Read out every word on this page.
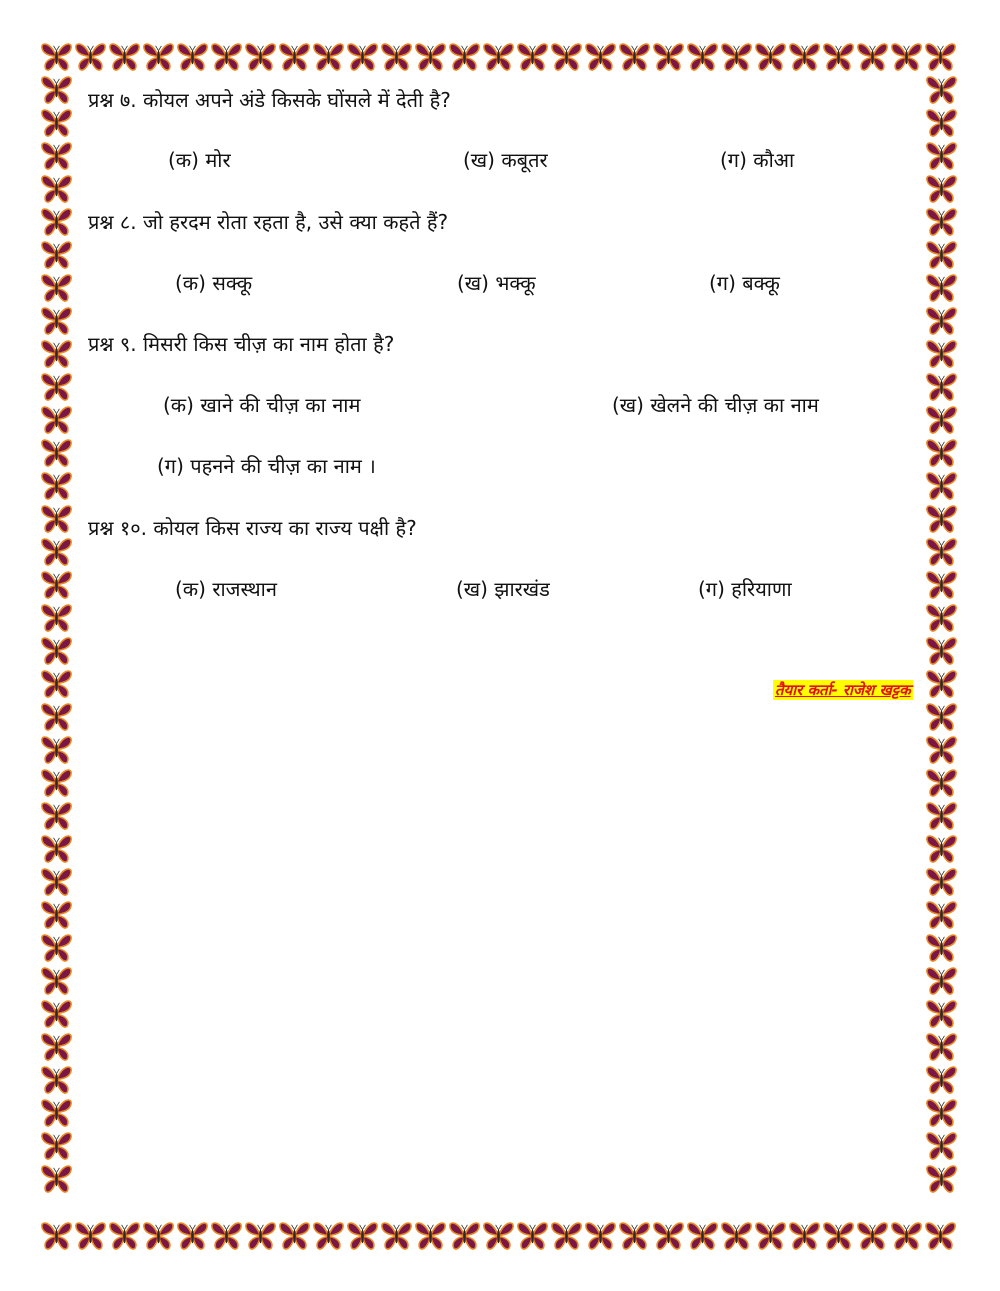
प्रश्न ७. कोयल अपने अंडे किसके घोंसले में देती है?
(क) मोर	(ख) कबूतर	(ग) कौआ
प्रश्न ८. जो हरदम रोता रहता है, उसे क्या कहते हैं?
(क) सक्कू	(ख) भक्कू	(ग) बक्कू
प्रश्न ९. मिसरी किस चीज़ का नाम होता है?
(क) खाने की चीज़ का नाम	(ख) खेलने की चीज़ का नाम
(ग) पहनने की चीज़ का नाम ।
प्रश्न १०. कोयल किस राज्य का राज्य पक्षी है?
(क) राजस्थान	(ख) झारखंड	(ग) हरियाणा
तैयार कर्ता- राजेश खट्टक
